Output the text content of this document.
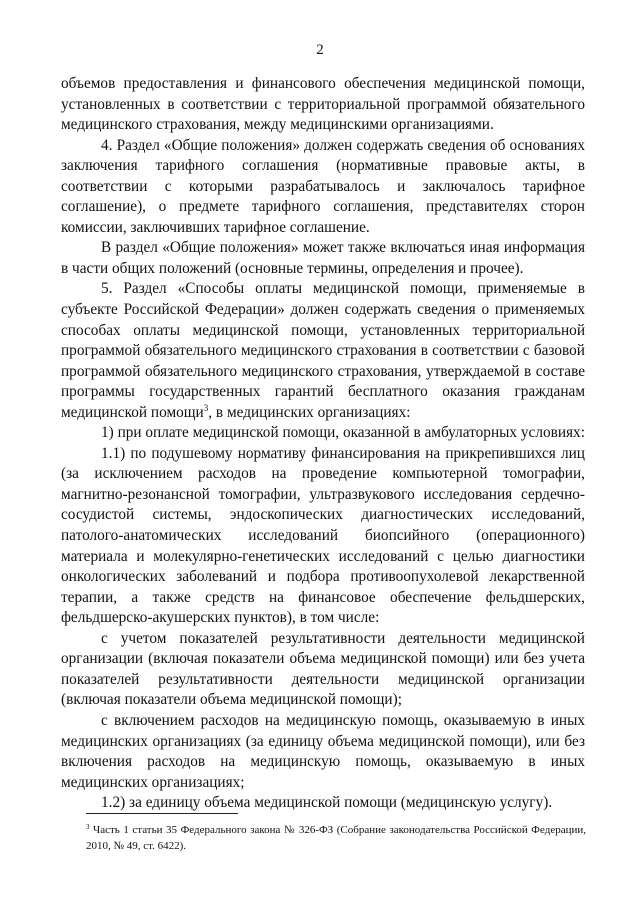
2

объемов предоставления и финансового обеспечения медицинской помощи, установленных в соответствии с территориальной программой обязательного медицинского страхования, между медицинскими организациями.

4. Раздел «Общие положения» должен содержать сведения об основаниях заключения тарифного соглашения (нормативные правовые акты, в соответствии с которыми разрабатывалось и заключалось тарифное соглашение), о предмете тарифного соглашения, представителях сторон комиссии, заключивших тарифное соглашение.

В раздел «Общие положения» может также включаться иная информация в части общих положений (основные термины, определения и прочее).

5. Раздел «Способы оплаты медицинской помощи, применяемые в субъекте Российской Федерации» должен содержать сведения о применяемых способах оплаты медицинской помощи, установленных территориальной программой обязательного медицинского страхования в соответствии с базовой программой обязательного медицинского страхования, утверждаемой в составе программы государственных гарантий бесплатного оказания гражданам медицинской помощи$^3$, в медицинских организациях:

1) при оплате медицинской помощи, оказанной в амбулаторных условиях:

1.1) по подушевому нормативу финансирования на прикрепившихся лиц (за исключением расходов на проведение компьютерной томографии, магнитно-резонансной томографии, ультразвукового исследования сердечно-сосудистой системы, эндоскопических диагностических исследований, патолого-анатомических исследований биопсийного (операционного) материала и молекулярно-генетических исследований с целью диагностики онкологических заболеваний и подбора противоопухолевой лекарственной терапии, а также средств на финансовое обеспечение фельдшерских, фельдшерско-акушерских пунктов), в том числе:

с учетом показателей результативности деятельности медицинской организации (включая показатели объема медицинской помощи) или без учета показателей результативности деятельности медицинской организации (включая показатели объема медицинской помощи);

с включением расходов на медицинскую помощь, оказываемую в иных медицинских организациях (за единицу объема медицинской помощи), или без включения расходов на медицинскую помощь, оказываемую в иных медицинских организациях;

1.2) за единицу объема медицинской помощи (медицинскую услугу).

$^3$ Часть 1 статьи 35 Федерального закона № 326-ФЗ (Собрание законодательства Российской Федерации, 2010, № 49, ст. 6422).
